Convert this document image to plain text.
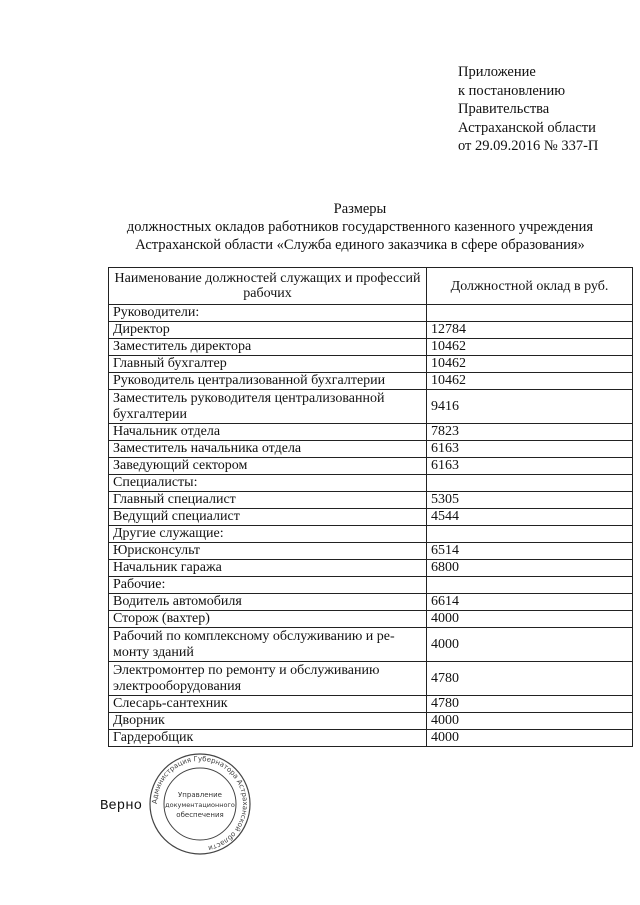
Приложение
к постановлению
Правительства
Астраханской области
от 29.09.2016 № 337-П
Размеры
должностных окладов работников государственного казенного учреждения
Астраханской области «Служба единого заказчика в сфере образования»
Наименование должностей служащих и профессий рабочих	Должностной оклад в руб.
Руководители:	
Директор	12784
Заместитель директора	10462
Главный бухгалтер	10462
Руководитель централизованной бухгалтерии	10462
Заместитель руководителя централизованной бухгалтерии	9416
Начальник отдела	7823
Заместитель начальника отдела	6163
Заведующий сектором	6163
Специалисты:	
Главный специалист	5305
Ведущий специалист	4544
Другие служащие:	
Юрисконсульт	6514
Начальник гаража	6800
Рабочие:	
Водитель автомобиля	6614
Сторож (вахтер)	4000
Рабочий по комплексному обслуживанию и ре-монту зданий	4000
Электромонтер по ремонту и обслуживанию электрооборудования	4780
Слесарь-сантехник	4780
Дворник	4000
Гардеробщик	4000
Администрация Губернатора Астраханской области
Управление
документационного
обеспечения
Верно
